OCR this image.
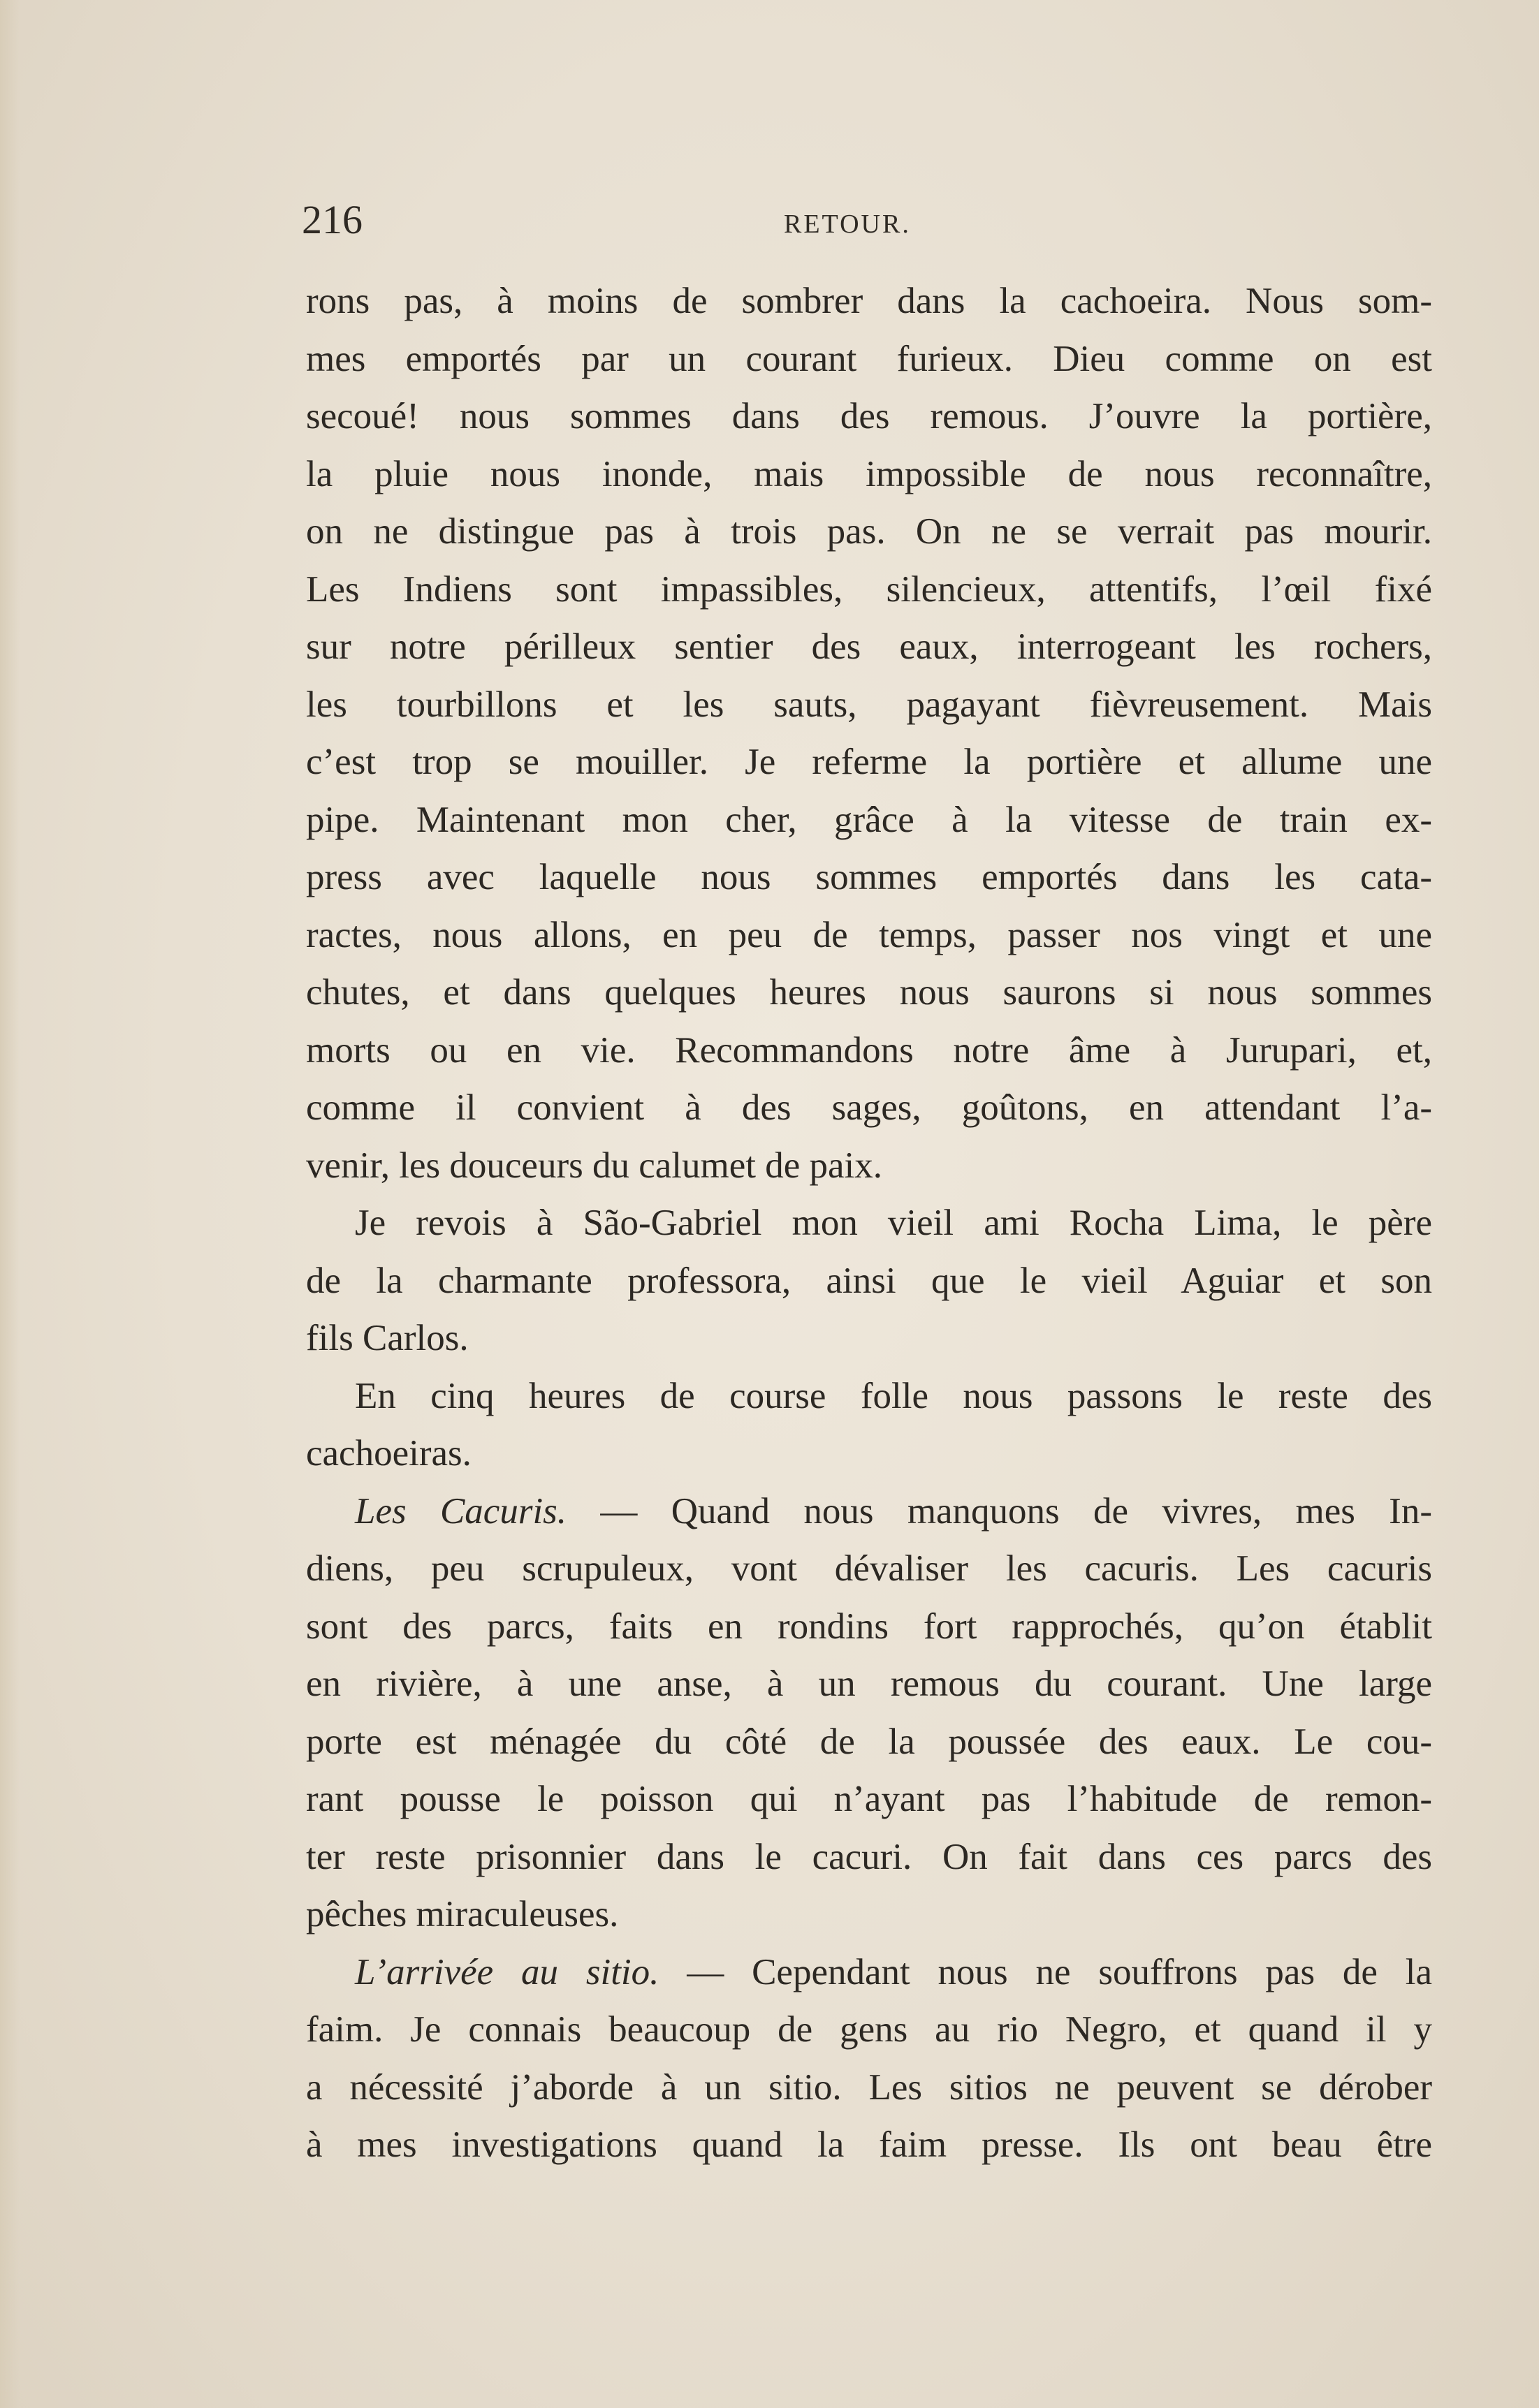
216	RETOUR.

rons pas, à moins de sombrer dans la cachoeira. Nous som-
mes emportés par un courant furieux. Dieu comme on est
secoué! nous sommes dans des remous. J’ouvre la portière,
la pluie nous inonde, mais impossible de nous reconnaître,
on ne distingue pas à trois pas. On ne se verrait pas mourir.
Les Indiens sont impassibles, silencieux, attentifs, l’œil fixé
sur notre périlleux sentier des eaux, interrogeant les rochers,
les tourbillons et les sauts, pagayant fièvreusement. Mais
c’est trop se mouiller. Je referme la portière et allume une
pipe. Maintenant mon cher, grâce à la vitesse de train ex-
press avec laquelle nous sommes emportés dans les cata-
ractes, nous allons, en peu de temps, passer nos vingt et une
chutes, et dans quelques heures nous saurons si nous sommes
morts ou en vie. Recommandons notre âme à Jurupari, et,
comme il convient à des sages, goûtons, en attendant l’a-
venir, les douceurs du calumet de paix.

Je revois à São-Gabriel mon vieil ami Rocha Lima, le père
de la charmante professora, ainsi que le vieil Aguiar et son
fils Carlos.

En cinq heures de course folle nous passons le reste des
cachoeiras.

Les Cacuris. — Quand nous manquons de vivres, mes In-
diens, peu scrupuleux, vont dévaliser les cacuris. Les cacuris
sont des parcs, faits en rondins fort rapprochés, qu’on établit
en rivière, à une anse, à un remous du courant. Une large
porte est ménagée du côté de la poussée des eaux. Le cou-
rant pousse le poisson qui n’ayant pas l’habitude de remon-
ter reste prisonnier dans le cacuri. On fait dans ces parcs des
pêches miraculeuses.

L’arrivée au sitio. — Cependant nous ne souffrons pas de la
faim. Je connais beaucoup de gens au rio Negro, et quand il y
a nécessité j’aborde à un sitio. Les sitios ne peuvent se dérober
à mes investigations quand la faim presse. Ils ont beau être
